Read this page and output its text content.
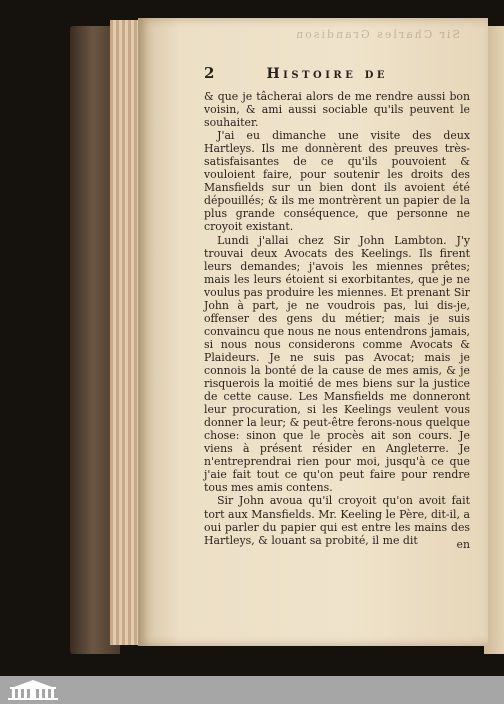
Sir Charles Grandison
2	Histoire de

& que je tâcherai alors de me rendre aussi bon voisin, & ami aussi sociable qu'ils peuvent le souhaiter.

J'ai eu dimanche une visite des deux Hartleys. Ils me donnèrent des preuves très-satisfaisantes de ce qu'ils pouvoient & vouloient faire, pour soutenir les droits des Mansfields sur un bien dont ils avoient été dépouillés; & ils me montrèrent un papier de la plus grande conséquence, que personne ne croyoit existant.

Lundi j'allai chez Sir John Lambton. J'y trouvai deux Avocats des Keelings. Ils firent leurs demandes; j'avois les miennes prêtes; mais les leurs étoient si exorbitantes, que je ne voulus pas produire les miennes. Et prenant Sir John à part, je ne voudrois pas, lui dis-je, offenser des gens du métier; mais je suis convaincu que nous ne nous entendrons jamais, si nous nous considerons comme Avocats & Plaideurs. Je ne suis pas Avocat; mais je connois la bonté de la cause de mes amis, & je risquerois la moitié de mes biens sur la justice de cette cause. Les Mansfields me donneront leur procuration, si les Keelings veulent vous donner la leur; & peut-être ferons-nous quelque chose: sinon que le procès ait son cours. Je viens à présent résider en Angleterre. Je n'entreprendrai rien pour moi, jusqu'à ce que j'aie fait tout ce qu'on peut faire pour rendre tous mes amis contens.

Sir John avoua qu'il croyoit qu'on avoit fait tort aux Mansfields. Mr. Keeling le Père, dit-il, a oui parler du papier qui est entre les mains des Hartleys, & louant sa probité, il me dit	en
